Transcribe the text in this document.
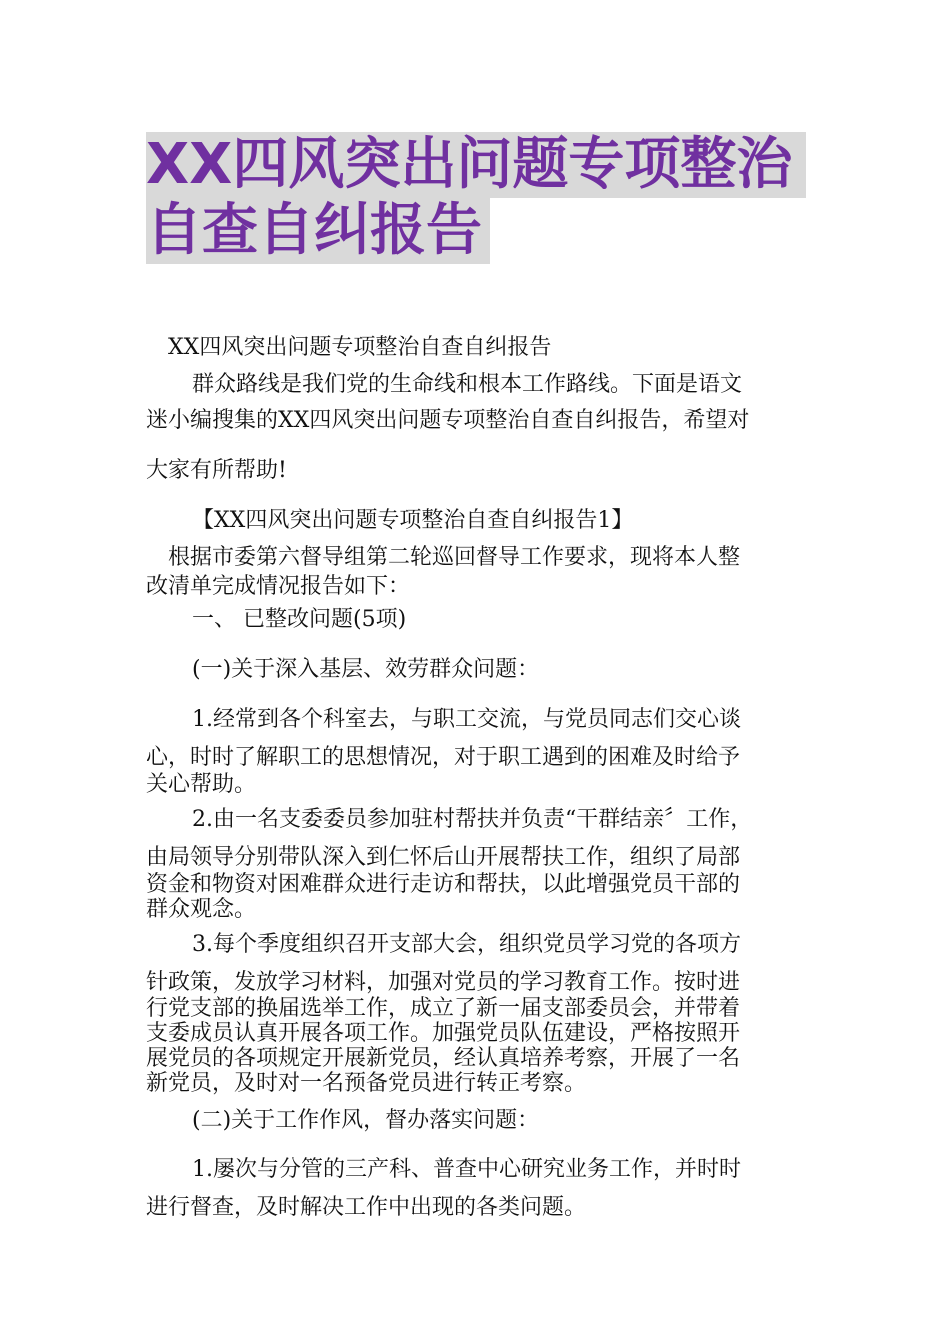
XX四风突出问题专项整治
自查自纠报告
XX四风突出问题专项整治自查自纠报告
群众路线是我们党的生命线和根本工作路线。下面是语文
迷小编搜集的XX四风突出问题专项整治自查自纠报告，希望对
大家有所帮助!
【XX四风突出问题专项整治自查自纠报告1】
根据市委第六督导组第二轮巡回督导工作要求，现将本人整
改清单完成情况报告如下：
一、 已整改问题(5项)
(一)关于深入基层、效劳群众问题：
1.经常到各个科室去，与职工交流，与党员同志们交心谈
心，时时了解职工的思想情况，对于职工遇到的困难及时给予
关心帮助。
2.由一名支委委员参加驻村帮扶并负责“干群结亲〞工作，
由局领导分别带队深入到仁怀后山开展帮扶工作，组织了局部
资金和物资对困难群众进行走访和帮扶，以此增强党员干部的
群众观念。
3.每个季度组织召开支部大会，组织党员学习党的各项方
针政策，发放学习材料，加强对党员的学习教育工作。按时进
行党支部的换届选举工作，成立了新一届支部委员会，并带着
支委成员认真开展各项工作。加强党员队伍建设，严格按照开
展党员的各项规定开展新党员，经认真培养考察，开展了一名
新党员，及时对一名预备党员进行转正考察。
(二)关于工作作风，督办落实问题：
1.屡次与分管的三产科、普查中心研究业务工作，并时时
进行督查，及时解决工作中出现的各类问题。
